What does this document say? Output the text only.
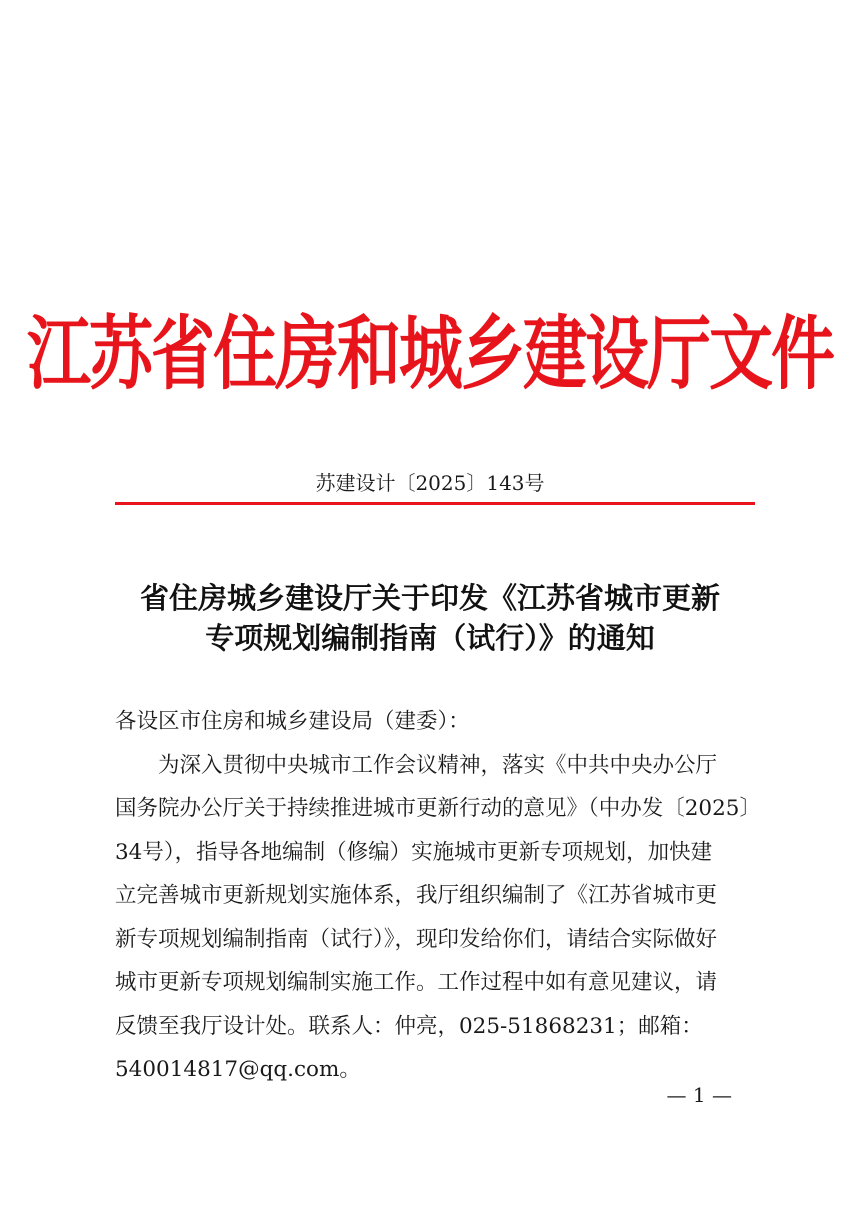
江苏省住房和城乡建设厅文件
苏建设计〔2025〕143号
省住房城乡建设厅关于印发《江苏省城市更新
专项规划编制指南（试行）》的通知
各设区市住房和城乡建设局（建委）：
为深入贯彻中央城市工作会议精神，落实《中共中央办公厅
国务院办公厅关于持续推进城市更新行动的意见》（中办发〔2025〕
34号），指导各地编制（修编）实施城市更新专项规划，加快建
立完善城市更新规划实施体系，我厅组织编制了《江苏省城市更
新专项规划编制指南（试行）》，现印发给你们，请结合实际做好
城市更新专项规划编制实施工作。工作过程中如有意见建议，请
反馈至我厅设计处。联系人：仲亮，025-51868231；邮箱：
540014817@qq.com。
— 1 —
